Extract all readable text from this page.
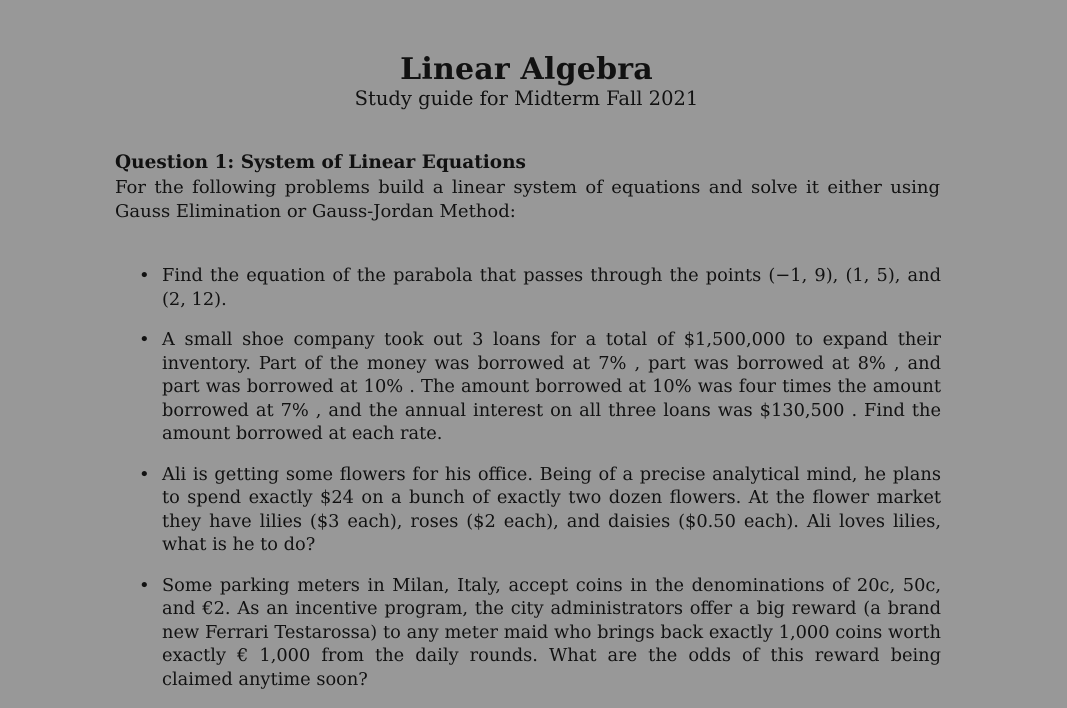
Linear Algebra
Study guide for Midterm Fall 2021
Question 1: System of Linear Equations
For the following problems build a linear system of equations and solve it either using Gauss Elimination or Gauss-Jordan Method:
• Find the equation of the parabola that passes through the points (−1, 9), (1, 5), and (2, 12).
• A small shoe company took out 3 loans for a total of $1,500,000 to expand their inventory. Part of the money was borrowed at 7% , part was borrowed at 8% , and part was borrowed at 10% . The amount borrowed at 10% was four times the amount borrowed at 7% , and the annual interest on all three loans was $130,500 . Find the amount borrowed at each rate.
• Ali is getting some flowers for his office. Being of a precise analytical mind, he plans to spend exactly $24 on a bunch of exactly two dozen flowers. At the flower market they have lilies ($3 each), roses ($2 each), and daisies ($0.50 each). Ali loves lilies, what is he to do?
• Some parking meters in Milan, Italy, accept coins in the denominations of 20c, 50c, and €2. As an incentive program, the city administrators offer a big reward (a brand new Ferrari Testarossa) to any meter maid who brings back exactly 1,000 coins worth exactly € 1,000 from the daily rounds. What are the odds of this reward being claimed anytime soon?
